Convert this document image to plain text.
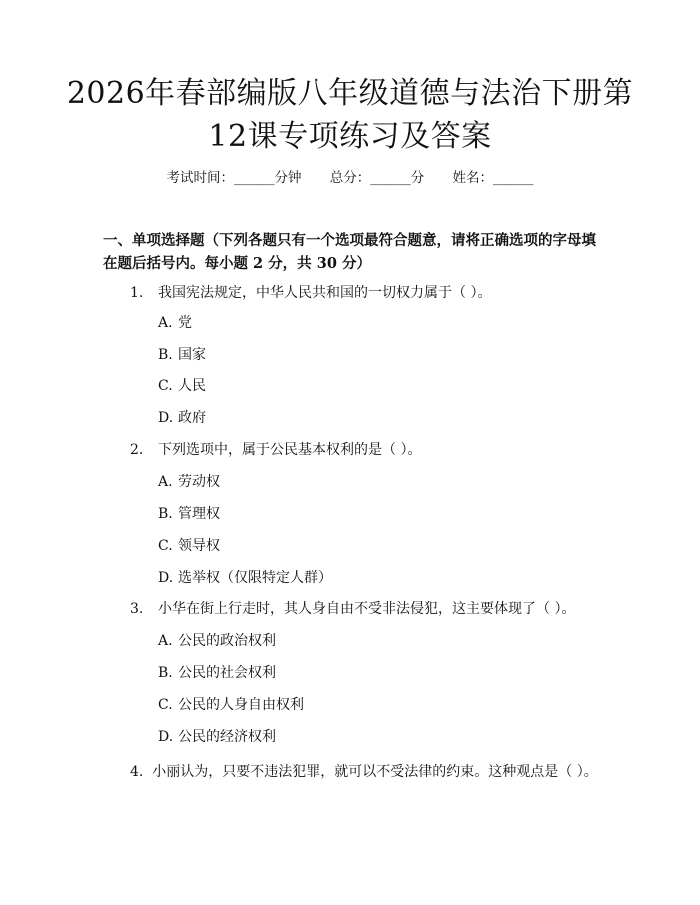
2026年春部编版八年级道德与法治下册第12课专项练习及答案
考试时间：______分钟 总分：______分 姓名：______
一、单项选择题（下列各题只有一个选项最符合题意，请将正确选项的字母填在题后括号内。每小题 2 分，共 30 分）
1. 我国宪法规定，中华人民共和国的一切权力属于（ ）。
A. 党
B. 国家
C. 人民
D. 政府
2. 下列选项中，属于公民基本权利的是（ ）。
A. 劳动权
B. 管理权
C. 领导权
D. 选举权（仅限特定人群）
3. 小华在街上行走时，其人身自由不受非法侵犯，这主要体现了（ ）。
A. 公民的政治权利
B. 公民的社会权利
C. 公民的人身自由权利
D. 公民的经济权利
4. 小丽认为，只要不违法犯罪，就可以不受法律的约束。这种观点是（ ）。
